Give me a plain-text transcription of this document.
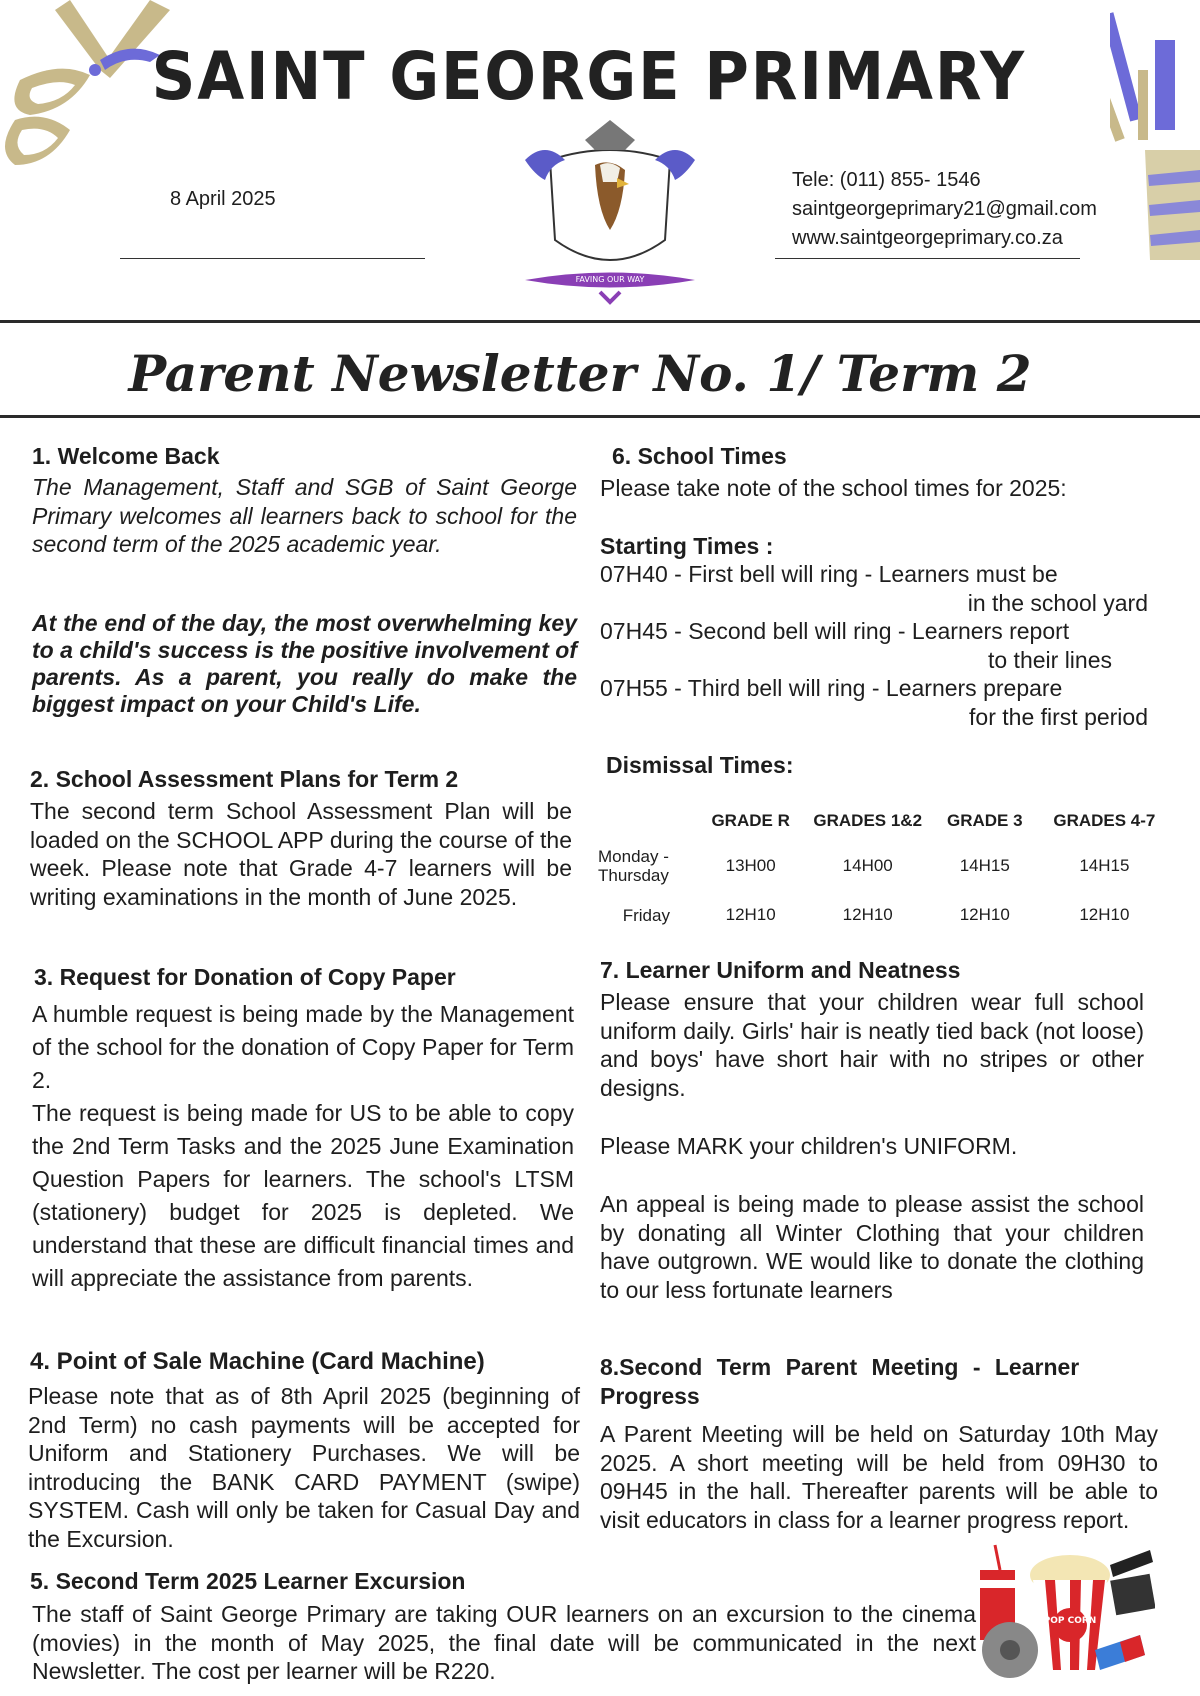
SAINT GEORGE PRIMARY
8 April 2025
FAVING OUR WAY
Tele: (011) 855- 1546
saintgeorgeprimary21@gmail.com
www.saintgeorgeprimary.co.za
Parent Newsletter No. 1/ Term 2
1. Welcome Back
The Management, Staff and SGB of Saint George Primary welcomes all learners back to school for the second term of the 2025 academic year.
At the end of the day, the most overwhelming key to a child's success is the positive involvement of parents. As a parent, you really do make the biggest impact on your Child's Life.
2. School Assessment Plans for Term 2
The second term School Assessment Plan will be loaded on the SCHOOL APP during the course of the week. Please note that Grade 4-7 learners will be writing examinations in the month of June 2025.
3. Request for Donation of Copy Paper
A humble request is being made by the Management of the school for the donation of Copy Paper for Term 2.
The request is being made for US to be able to copy the 2nd Term Tasks and the 2025 June Examination Question Papers for learners. The school's LTSM (stationery) budget for 2025 is depleted. We understand that these are difficult financial times and will appreciate the assistance from parents.
4. Point of Sale Machine (Card Machine)
Please note that as of 8th April 2025 (beginning of 2nd Term) no cash payments will be accepted for Uniform and Stationery Purchases. We will be introducing the BANK CARD PAYMENT (swipe) SYSTEM. Cash will only be taken for Casual Day and the Excursion.
5. Second Term 2025 Learner Excursion
The staff of Saint George Primary are taking OUR learners on an excursion to the cinema (movies) in the month of May 2025, the final date will be communicated in the next Newsletter. The cost per learner will be R220.
6. School Times
Please take note of the school times for 2025:
Starting Times :
07H40 - First bell will ring - Learners must be
in the school yard
07H45 - Second bell will ring - Learners report
to their lines
07H55 - Third bell will ring - Learners prepare
for the first period
Dismissal Times:
	GRADE R	GRADES 1&2	GRADE 3	GRADES 4-7

Monday -
Thursday	13H00	14H00	14H15	14H15

Friday	12H10	12H10	12H10	12H10
7. Learner Uniform and Neatness
Please ensure that your children wear full school uniform daily. Girls' hair is neatly tied back (not loose) and boys' have short hair with no stripes or other designs.
Please MARK your children's UNIFORM.
An appeal is being made to please assist the school by donating all Winter Clothing that your children have outgrown. WE would like to donate the clothing to our less fortunate learners
8.Second Term Parent Meeting - Learner
Progress
A Parent Meeting will be held on Saturday 10th May 2025. A short meeting will be held from 09H30 to 09H45 in the hall. Thereafter parents will be able to visit educators in class for a learner progress report.
POP CORN
